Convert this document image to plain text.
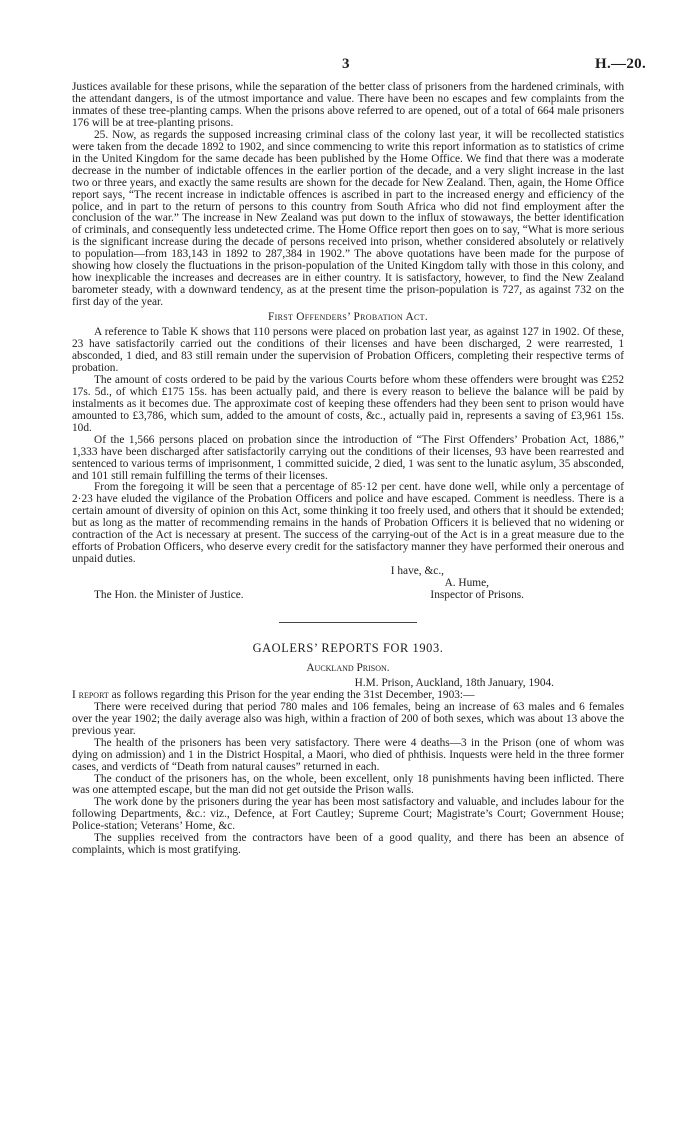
3	H.—20.

Justices available for these prisons, while the separation of the better class of prisoners from the hardened criminals, with the attendant dangers, is of the utmost importance and value. There have been no escapes and few complaints from the inmates of these tree-planting camps. When the prisons above referred to are opened, out of a total of 664 male prisoners 176 will be at tree-planting prisons.

25. Now, as regards the supposed increasing criminal class of the colony last year, it will be recollected statistics were taken from the decade 1892 to 1902, and since commencing to write this report information as to statistics of crime in the United Kingdom for the same decade has been published by the Home Office. We find that there was a moderate decrease in the number of indictable offences in the earlier portion of the decade, and a very slight increase in the last two or three years, and exactly the same results are shown for the decade for New Zealand. Then, again, the Home Office report says, “The recent increase in indictable offences is ascribed in part to the increased energy and efficiency of the police, and in part to the return of persons to this country from South Africa who did not find employment after the conclusion of the war.” The increase in New Zealand was put down to the influx of stowaways, the better identification of criminals, and consequently less undetected crime. The Home Office report then goes on to say, “What is more serious is the significant increase during the decade of persons received into prison, whether considered absolutely or relatively to population—from 183,143 in 1892 to 287,384 in 1902.” The above quotations have been made for the purpose of showing how closely the fluctuations in the prison-population of the United Kingdom tally with those in this colony, and how inexplicable the increases and decreases are in either country. It is satisfactory, however, to find the New Zealand barometer steady, with a downward tendency, as at the present time the prison-population is 727, as against 732 on the first day of the year.

First Offenders’ Probation Act.

A reference to Table K shows that 110 persons were placed on probation last year, as against 127 in 1902. Of these, 23 have satisfactorily carried out the conditions of their licenses and have been discharged, 2 were rearrested, 1 absconded, 1 died, and 83 still remain under the supervision of Probation Officers, completing their respective terms of probation.

The amount of costs ordered to be paid by the various Courts before whom these offenders were brought was £252 17s. 5d., of which £175 15s. has been actually paid, and there is every reason to believe the balance will be paid by instalments as it becomes due. The approximate cost of keeping these offenders had they been sent to prison would have amounted to £3,786, which sum, added to the amount of costs, &c., actually paid in, represents a saving of £3,961 15s. 10d.

Of the 1,566 persons placed on probation since the introduction of “The First Offenders’ Probation Act, 1886,” 1,333 have been discharged after satisfactorily carrying out the conditions of their licenses, 93 have been rearrested and sentenced to various terms of imprisonment, 1 committed suicide, 2 died, 1 was sent to the lunatic asylum, 35 absconded, and 101 still remain fulfilling the terms of their licenses.

From the foregoing it will be seen that a percentage of 85·12 per cent. have done well, while only a percentage of 2·23 have eluded the vigilance of the Probation Officers and police and have escaped. Comment is needless. There is a certain amount of diversity of opinion on this Act, some thinking it too freely used, and others that it should be extended; but as long as the matter of recommending remains in the hands of Probation Officers it is believed that no widening or contraction of the Act is necessary at present. The success of the carrying-out of the Act is in a great measure due to the efforts of Probation Officers, who deserve every credit for the satisfactory manner they have performed their onerous and unpaid duties.

I have, &c.,
A. Hume,
The Hon. the Minister of Justice.	Inspector of Prisons.
GAOLERS’ REPORTS FOR 1903.
Auckland Prison.
H.M. Prison, Auckland, 18th January, 1904.

I report as follows regarding this Prison for the year ending the 31st December, 1903:—

There were received during that period 780 males and 106 females, being an increase of 63 males and 6 females over the year 1902; the daily average also was high, within a fraction of 200 of both sexes, which was about 13 above the previous year.

The health of the prisoners has been very satisfactory. There were 4 deaths—3 in the Prison (one of whom was dying on admission) and 1 in the District Hospital, a Maori, who died of phthisis. Inquests were held in the three former cases, and verdicts of “Death from natural causes” returned in each.

The conduct of the prisoners has, on the whole, been excellent, only 18 punishments having been inflicted. There was one attempted escape, but the man did not get outside the Prison walls.

The work done by the prisoners during the year has been most satisfactory and valuable, and includes labour for the following Departments, &c.: viz., Defence, at Fort Cautley; Supreme Court; Magistrate’s Court; Government House; Police-station; Veterans’ Home, &c.

The supplies received from the contractors have been of a good quality, and there has been an absence of complaints, which is most gratifying.
